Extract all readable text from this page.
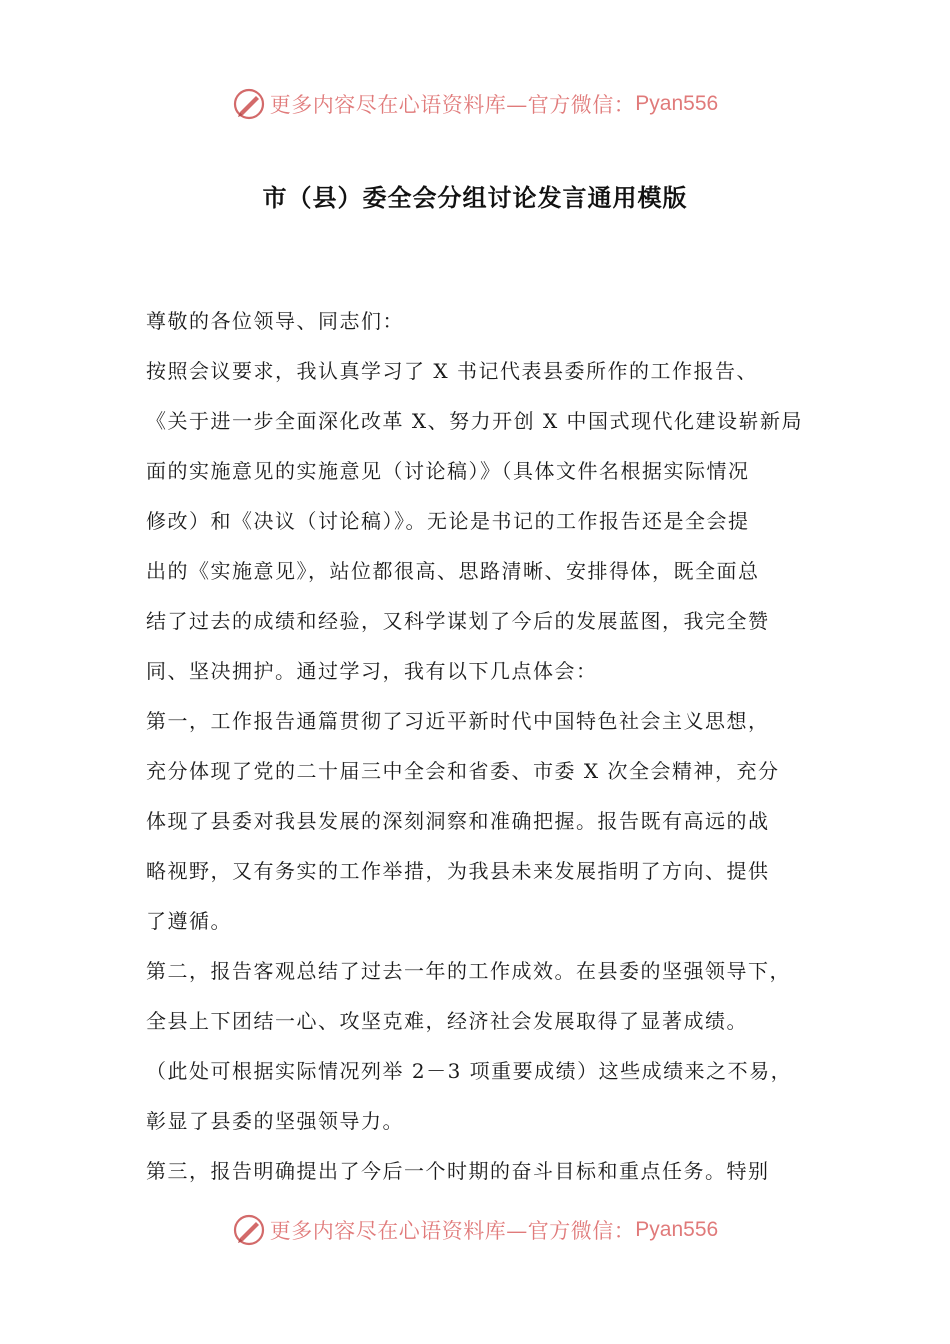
更多内容尽在心语资料库—官方微信： Pyan556
市（县）委全会分组讨论发言通用模版
尊敬的各位领导、同志们：
按照会议要求，我认真学习了 X 书记代表县委所作的工作报告、
《关于进一步全面深化改革 X、努力开创 X 中国式现代化建设崭新局
面的实施意见的实施意见（讨论稿）》（具体文件名根据实际情况
修改）和《决议（讨论稿）》。无论是书记的工作报告还是全会提
出的《实施意见》，站位都很高、思路清晰、安排得体，既全面总
结了过去的成绩和经验，又科学谋划了今后的发展蓝图，我完全赞
同、坚决拥护。通过学习，我有以下几点体会：
第一，工作报告通篇贯彻了习近平新时代中国特色社会主义思想，
充分体现了党的二十届三中全会和省委、市委 X 次全会精神，充分
体现了县委对我县发展的深刻洞察和准确把握。报告既有高远的战
略视野，又有务实的工作举措，为我县未来发展指明了方向、提供
了遵循。
第二，报告客观总结了过去一年的工作成效。在县委的坚强领导下，
全县上下团结一心、攻坚克难，经济社会发展取得了显著成绩。
（此处可根据实际情况列举 2－3 项重要成绩）这些成绩来之不易，
彰显了县委的坚强领导力。
第三，报告明确提出了今后一个时期的奋斗目标和重点任务。特别
更多内容尽在心语资料库—官方微信： Pyan556
